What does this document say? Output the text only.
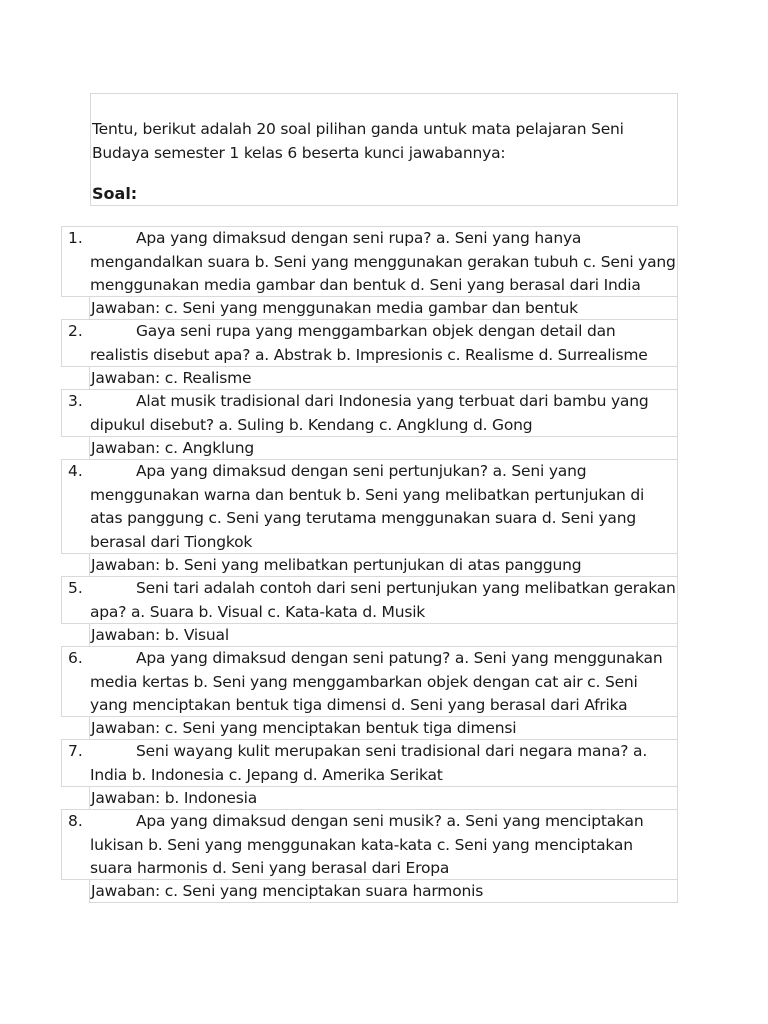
Tentu, berikut adalah 20 soal pilihan ganda untuk mata pelajaran Seni Budaya semester 1 kelas 6 beserta kunci jawabannya:
Soal:
1.	Apa yang dimaksud dengan seni rupa? a. Seni yang hanya mengandalkan suara b. Seni yang menggunakan gerakan tubuh c. Seni yang menggunakan media gambar dan bentuk d. Seni yang berasal dari India
Jawaban: c. Seni yang menggunakan media gambar dan bentuk
2.	Gaya seni rupa yang menggambarkan objek dengan detail dan realistis disebut apa? a. Abstrak b. Impresionis c. Realisme d. Surrealisme
Jawaban: c. Realisme
3.	Alat musik tradisional dari Indonesia yang terbuat dari bambu yang dipukul disebut? a. Suling b. Kendang c. Angklung d. Gong
Jawaban: c. Angklung
4.	Apa yang dimaksud dengan seni pertunjukan? a. Seni yang menggunakan warna dan bentuk b. Seni yang melibatkan pertunjukan di atas panggung c. Seni yang terutama menggunakan suara d. Seni yang berasal dari Tiongkok
Jawaban: b. Seni yang melibatkan pertunjukan di atas panggung
5.	Seni tari adalah contoh dari seni pertunjukan yang melibatkan gerakan apa? a. Suara b. Visual c. Kata-kata d. Musik
Jawaban: b. Visual
6.	Apa yang dimaksud dengan seni patung? a. Seni yang menggunakan media kertas b. Seni yang menggambarkan objek dengan cat air c. Seni yang menciptakan bentuk tiga dimensi d. Seni yang berasal dari Afrika
Jawaban: c. Seni yang menciptakan bentuk tiga dimensi
7.	Seni wayang kulit merupakan seni tradisional dari negara mana? a. India b. Indonesia c. Jepang d. Amerika Serikat
Jawaban: b. Indonesia
8.	Apa yang dimaksud dengan seni musik? a. Seni yang menciptakan lukisan b. Seni yang menggunakan kata-kata c. Seni yang menciptakan suara harmonis d. Seni yang berasal dari Eropa
Jawaban: c. Seni yang menciptakan suara harmonis
